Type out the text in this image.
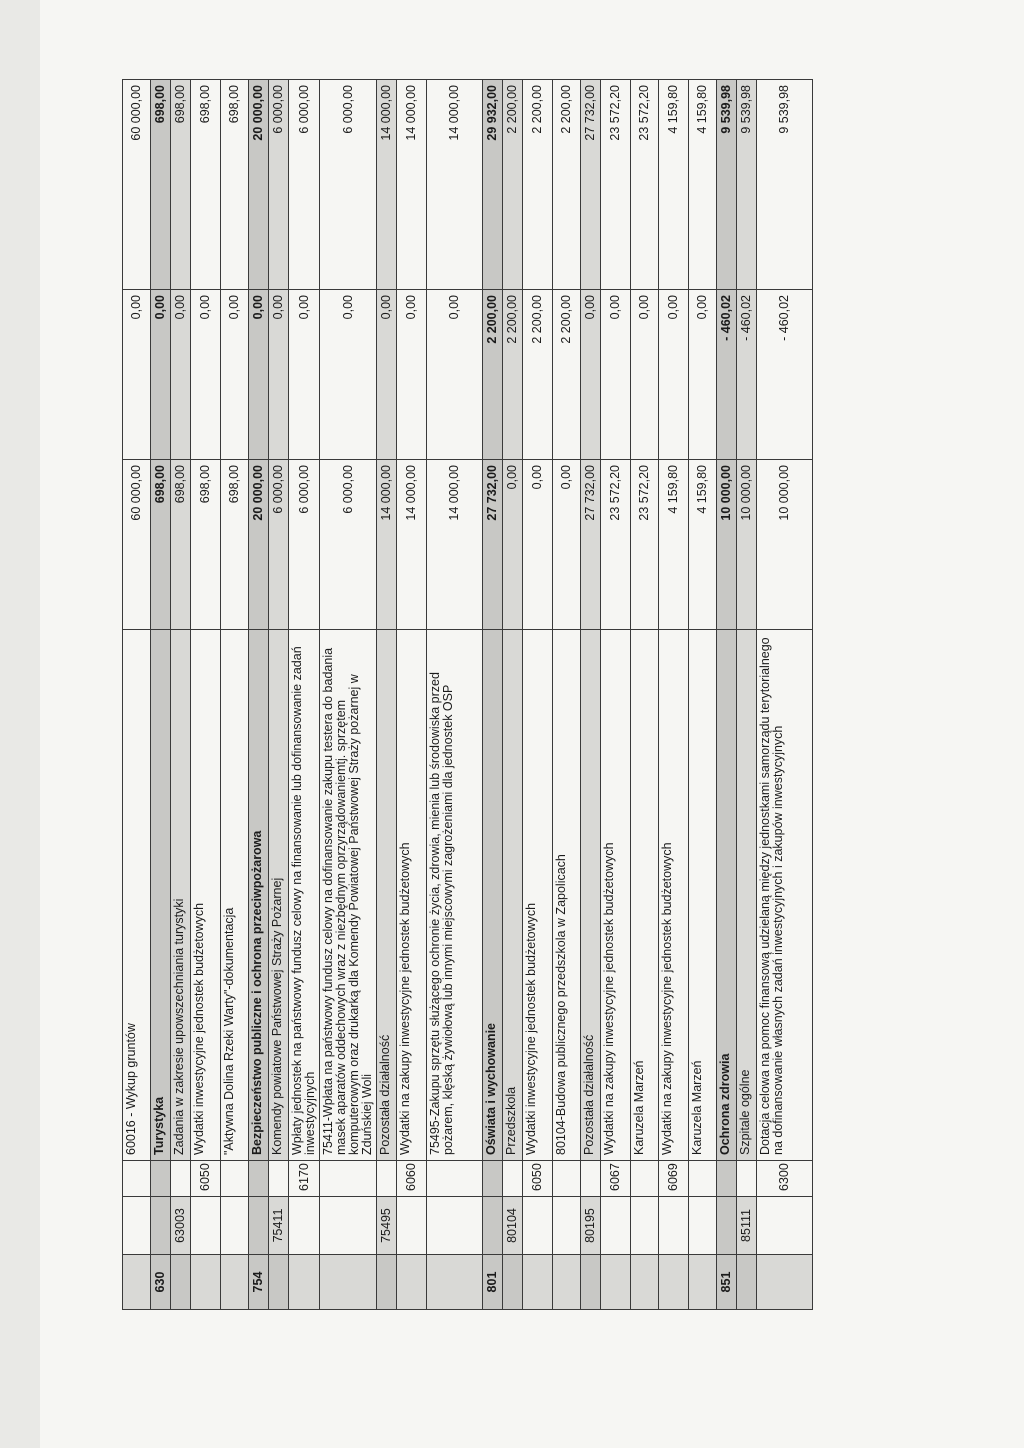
			60016 - Wykup gruntów	60 000,00	0,00	60 000,00
630			Turystyka	698,00	0,00	698,00
	63003		Zadania w zakresie upowszechniania turystyki	698,00	0,00	698,00
		6050	Wydatki inwestycyjne jednostek budżetowych	698,00	0,00	698,00
			"Aktywna Dolina Rzeki Warty"-dokumentacja	698,00	0,00	698,00
754			Bezpieczeństwo publiczne i ochrona przeciwpożarowa	20 000,00	0,00	20 000,00
	75411		Komendy powiatowe Państwowej Straży Pożarnej	6 000,00	0,00	6 000,00
		6170	Wpłaty jednostek na państwowy fundusz celowy na finansowanie lub dofinansowanie zadań inwestycyjnych	6 000,00	0,00	6 000,00
			75411-Wpłata na państwowy fundusz celowy na dofinansowanie zakupu testera do badania masek aparatów oddechowych wraz z niezbędnym oprzyrządowaniemtj. sprzętem komputerowym oraz drukarką dla Komendy Powiatowej Państwowej Straży pożarnej w Zduńskiej Woli	6 000,00	0,00	6 000,00
	75495		Pozostała działalność	14 000,00	0,00	14 000,00
		6060	Wydatki na zakupy inwestycyjne jednostek budżetowych	14 000,00	0,00	14 000,00
			75495-Zakupu sprzętu służącego ochronie życia, zdrowia, mienia lub środowiska przed pożarem, klęską żywiołową lub innymi miejscowymi zagrożeniami dla jednostek OSP	14 000,00	0,00	14 000,00
801			Oświata i wychowanie	27 732,00	2 200,00	29 932,00
	80104		Przedszkola	0,00	2 200,00	2 200,00
		6050	Wydatki inwestycyjne jednostek budżetowych	0,00	2 200,00	2 200,00
			80104-Budowa publicznego przedszkola w Zapolicach	0,00	2 200,00	2 200,00
	80195		Pozostała działalność	27 732,00	0,00	27 732,00
		6067	Wydatki na zakupy inwestycyjne jednostek budżetowych	23 572,20	0,00	23 572,20
			Karuzela Marzeń	23 572,20	0,00	23 572,20
		6069	Wydatki na zakupy inwestycyjne jednostek budżetowych	4 159,80	0,00	4 159,80
			Karuzela Marzeń	4 159,80	0,00	4 159,80
851			Ochrona zdrowia	10 000,00	- 460,02	9 539,98
	85111		Szpitale ogólne	10 000,00	- 460,02	9 539,98
		6300	Dotacja celowa na pomoc finansową udzielaną między jednostkami samorządu terytorialnego na dofinansowanie własnych zadań inwestycyjnych i zakupów inwestycyjnych	10 000,00	- 460,02	9 539,98
